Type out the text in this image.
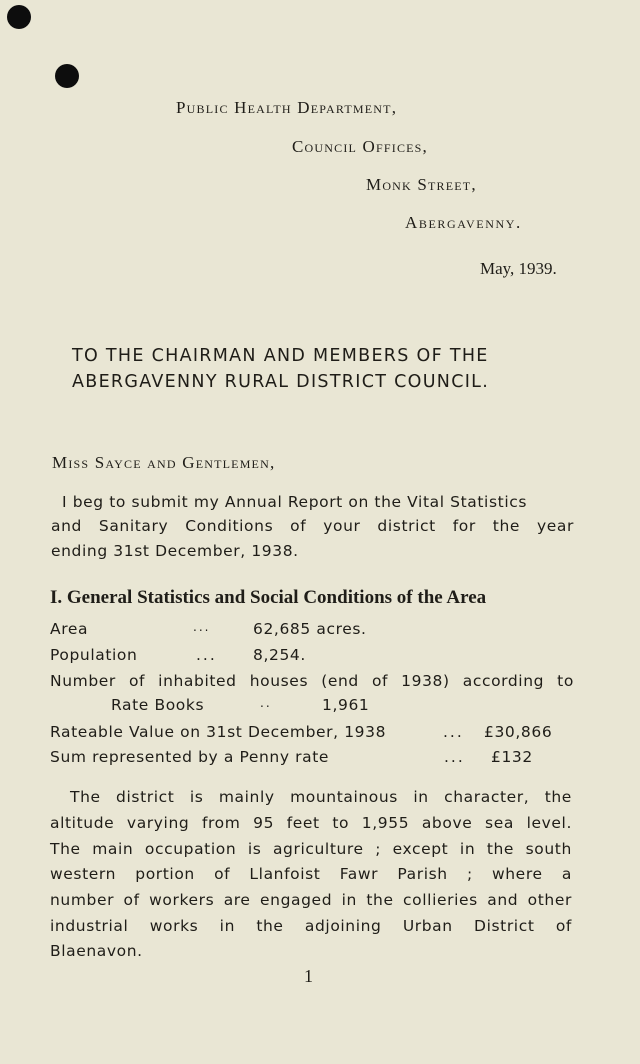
Public Health Department,
Council Offices,
Monk Street,
Abergavenny.
May, 1939.
TO THE CHAIRMAN AND MEMBERS OF THE
ABERGAVENNY RURAL DISTRICT COUNCIL.
Miss Sayce and Gentlemen,
I beg to submit my Annual Report on the Vital Statistics
and Sanitary Conditions of your district for the year
ending 31st December, 1938.
I. General Statistics and Social Conditions of the Area
Area	...	62,685 acres.
Population	... 8,254.
Number of inhabited houses (end of 1938) according to
Rate Books	..	1,961
Rateable Value on 31st December, 1938	... £30,866
Sum represented by a Penny rate	... £132
The district is mainly mountainous in character, the
altitude varying from 95 feet to 1,955 above sea level.
The main occupation is agriculture ; except in the south
western portion of Llanfoist Fawr Parish ; where a
number of workers are engaged in the collieries and other
industrial works in the adjoining Urban District of
Blaenavon.
1
